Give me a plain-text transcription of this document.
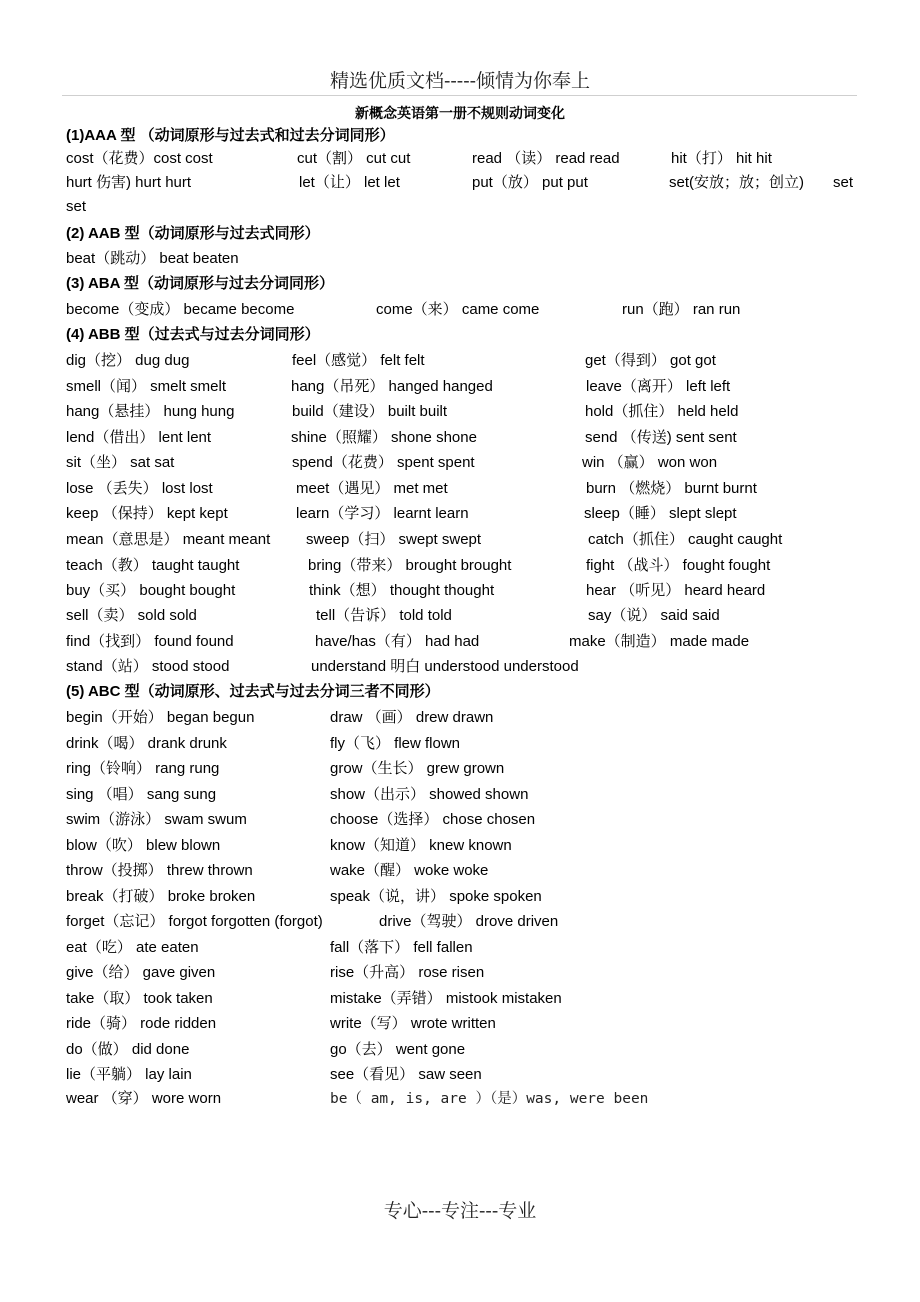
精选优质文档-----倾情为你奉上
新概念英语第一册不规则动词变化
(1)AAA 型 （动词原形与过去式和过去分词同形）
cost（花费）cost cost	cut（割） cut cut	read （读） read read	hit（打） hit hit
hurt 伤害) hurt hurt	let（让） let let	put（放） put put	set(安放；放；创立) set
set
(2) AAB 型（动词原形与过去式同形）
beat（跳动） beat beaten
(3) ABA 型（动词原形与过去分词同形）
become（变成） became become	come（来） came come	run（跑） ran run
(4) ABB 型（过去式与过去分词同形）
dig（挖） dug dug	feel（感觉） felt felt	get（得到） got got
smell（闻） smelt smelt	hang（吊死） hanged hanged	leave（离开） left left
hang（悬挂） hung hung	build（建设） built built	hold（抓住） held held
lend（借出） lent lent	shine（照耀） shone shone	send （传送) sent sent
sit（坐） sat sat	spend（花费） spent spent	win （赢） won won
lose （丢失） lost lost	meet（遇见） met met	burn （燃烧） burnt burnt
keep （保持） kept kept	learn（学习） learnt learn	sleep（睡） slept slept
mean（意思是） meant meant sweep（扫） swept swept	catch（抓住） caught caught
teach（教） taught taught	bring（带来） brought brought	fight （战斗） fought fought
buy（买） bought bought	think（想） thought thought	hear （听见） heard heard
sell（卖） sold sold	tell（告诉） told told	say（说） said said
find（找到） found found	have/has（有） had had	make（制造） made made
stand（站） stood stood	understand 明白 understood understood
(5) ABC 型（动词原形、过去式与过去分词三者不同形）
begin（开始） began begun	draw （画） drew drawn
drink（喝） drank drunk	fly（飞） flew flown
ring（铃响） rang rung	grow（生长） grew grown
sing （唱） sang sung	show（出示） showed shown
swim（游泳） swam swum	choose（选择） chose chosen
blow（吹） blew blown	know（知道） knew known
throw（投掷） threw thrown	wake（醒） woke woke
break（打破） broke broken	speak（说，讲） spoke spoken
forget（忘记） forgot forgotten (forgot)	drive（驾驶） drove driven
eat（吃） ate eaten	fall（落下） fell fallen
give（给） gave given	rise（升高） rose risen
take（取） took taken	mistake（弄错） mistook mistaken
ride（骑） rode ridden	write（写） wrote written
do（做） did done	go（去） went gone
lie（平躺） lay lain	see（看见） saw seen
wear （穿） wore worn	be（ am, is, are ）（是）was, were been
专心---专注---专业
